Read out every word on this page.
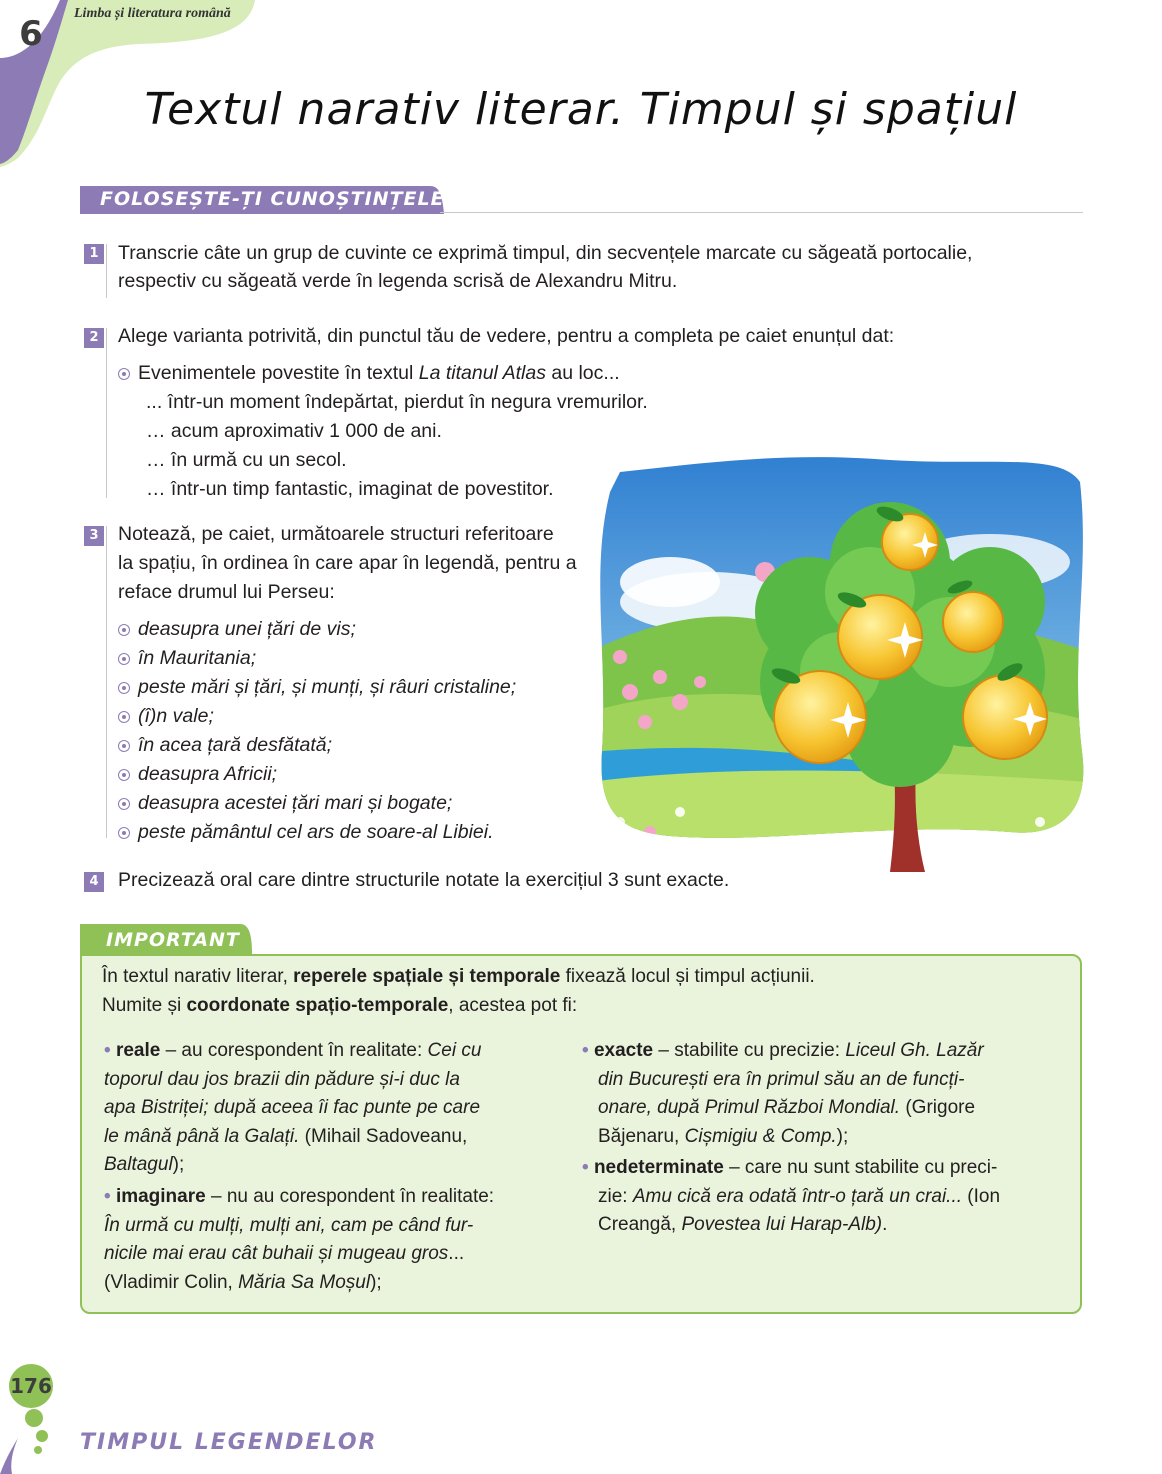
6
Limba și literatura română
Textul narativ literar. Timpul și spațiul
FOLOSEȘTE-ȚI CUNOȘTINȚELE!
1 Transcrie câte un grup de cuvinte ce exprimă timpul, din secvențele marcate cu săgeată portocalie,
respectiv cu săgeată verde în legenda scrisă de Alexandru Mitru.
2 Alege varianta potrivită, din punctul tău de vedere, pentru a completa pe caiet enunțul dat:
Evenimentele povestite în textul La titanul Atlas au loc...
... într-un moment îndepărtat, pierdut în negura vremurilor.
… acum aproximativ 1 000 de ani.
… în urmă cu un secol.
… într-un timp fantastic, imaginat de povestitor.
3 Notează, pe caiet, următoarele structuri referitoare
la spațiu, în ordinea în care apar în legendă, pentru a
reface drumul lui Perseu:
deasupra unei țări de vis;
în Mauritania;
peste mări și țări, și munți, și râuri cristaline;
(î)n vale;
în acea țară desfătată;
deasupra Africii;
deasupra acestei țări mari și bogate;
peste pământul cel ars de soare-al Libiei.
4 Precizează oral care dintre structurile notate la exercițiul 3 sunt exacte.
IMPORTANT
În textul narativ literar, reperele spațiale și temporale fixează locul și timpul acțiunii.
Numite și coordonate spațio-temporale, acestea pot fi:
• reale – au corespondent în realitate: Cei cu
toporul dau jos brazii din pădure și-i duc la
apa Bistriței; după aceea îi fac punte pe care
le mână până la Galați. (Mihail Sadoveanu,
Baltagul);
• imaginare – nu au corespondent în realitate:
În urmă cu mulți, mulți ani, cam pe când fur-
nicile mai erau cât buhaii și mugeau gros...
(Vladimir Colin, Măria Sa Moșul);
• exacte – stabilite cu precizie: Liceul Gh. Lazăr
din București era în primul său an de funcți-
onare, după Primul Război Mondial. (Grigore
Băjenaru, Cișmigiu & Comp.);
• nedeterminate – care nu sunt stabilite cu preci-
zie: Amu cică era odată într-o țară un crai... (Ion
Creangă, Povestea lui Harap-Alb).
176
TIMPUL LEGENDELOR
